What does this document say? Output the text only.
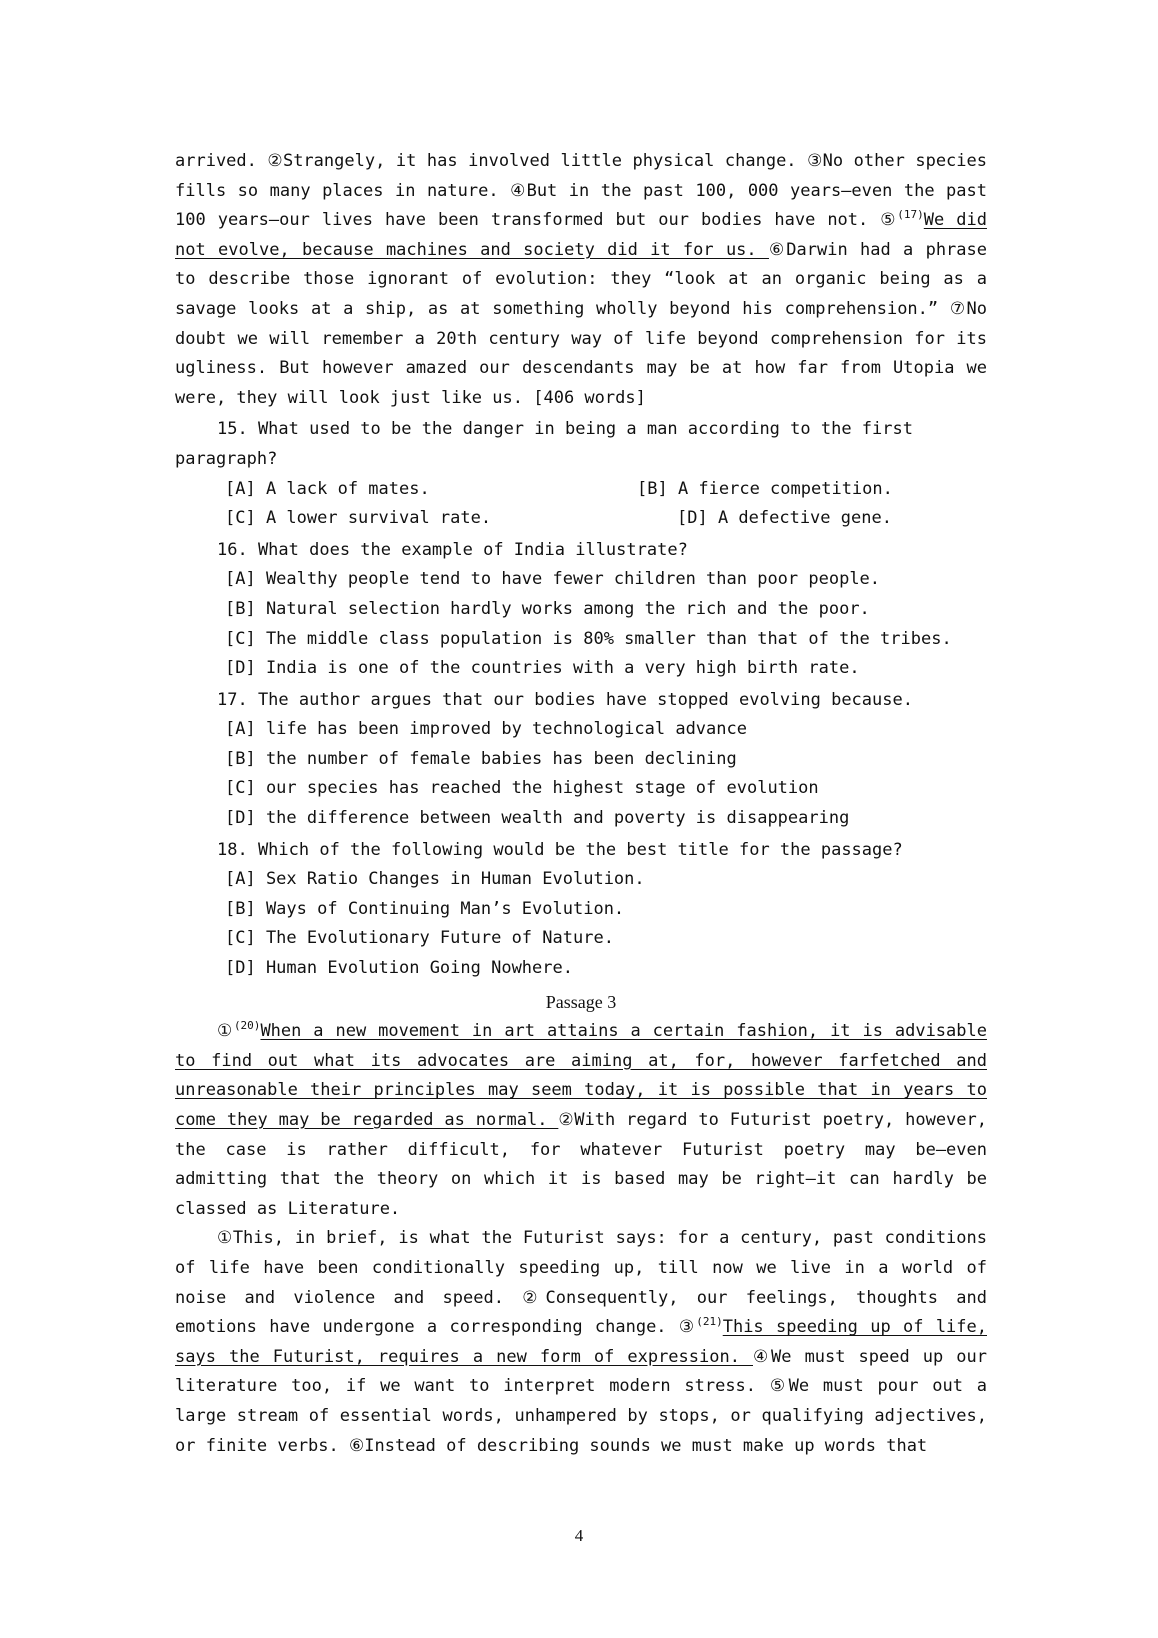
arrived. ②Strangely, it has involved little physical change. ③No other species fills so many places in nature. ④But in the past 100, 000 years—even the past 100 years—our lives have been transformed but our bodies have not. ⑤$^{(17)}$We did not evolve, because machines and society did it for us. ⑥Darwin had a phrase to describe those ignorant of evolution: they “look at an organic being as a savage looks at a ship, as at something wholly beyond his comprehension.” ⑦No doubt we will remember a 20th century way of life beyond comprehension for its ugliness. But however amazed our descendants may be at how far from Utopia we were, they will look just like us. [406 words]

15. What used to be the danger in being a man according to the first paragraph?

[A] A lack of mates.	[B] A fierce competition.
[C] A lower survival rate.	[D] A defective gene.

16. What does the example of India illustrate?

[A] Wealthy people tend to have fewer children than poor people.

[B] Natural selection hardly works among the rich and the poor.

[C] The middle class population is 80% smaller than that of the tribes.

[D] India is one of the countries with a very high birth rate.

17. The author argues that our bodies have stopped evolving because.

[A] life has been improved by technological advance

[B] the number of female babies has been declining

[C] our species has reached the highest stage of evolution

[D] the difference between wealth and poverty is disappearing

18. Which of the following would be the best title for the passage?

[A] Sex Ratio Changes in Human Evolution.

[B] Ways of Continuing Man’s Evolution.

[C] The Evolutionary Future of Nature.

[D] Human Evolution Going Nowhere.

Passage 3

①$^{(20)}$When a new movement in art attains a certain fashion, it is advisable to find out what its advocates are aiming at, for, however farfetched and unreasonable their principles may seem today, it is possible that in years to come they may be regarded as normal. ②With regard to Futurist poetry, however, the case is rather difficult, for whatever Futurist poetry may be—even admitting that the theory on which it is based may be right—it can hardly be classed as Literature.

①This, in brief, is what the Futurist says: for a century, past conditions of life have been conditionally speeding up, till now we live in a world of noise and violence and speed. ②Consequently, our feelings, thoughts and emotions have undergone a corresponding change. ③$^{(21)}$This speeding up of life, says the Futurist, requires a new form of expression. ④We must speed up our literature too, if we want to interpret modern stress. ⑤We must pour out a large stream of essential words, unhampered by stops, or qualifying adjectives, or finite verbs. ⑥Instead of describing sounds we must make up words that

4
